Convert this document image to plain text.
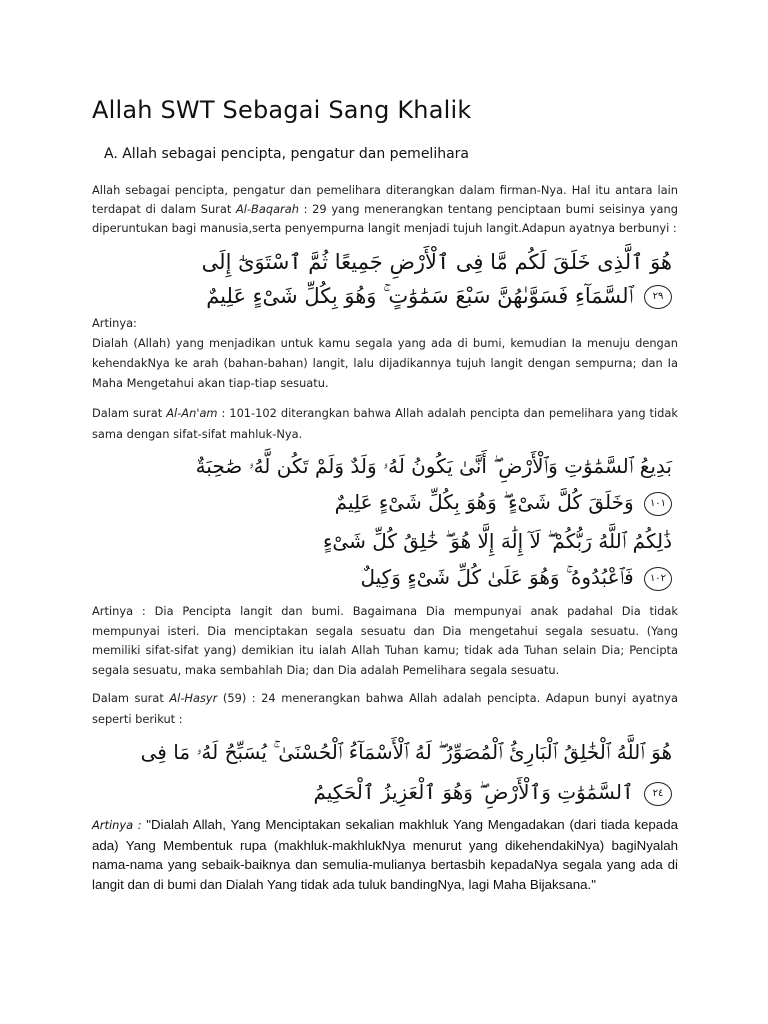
Allah SWT Sebagai Sang Khalik
A. Allah sebagai pencipta, pengatur dan pemelihara

Allah sebagai pencipta, pengatur dan pemelihara diterangkan dalam firman-Nya. Hal itu antara lain terdapat di dalam Surat Al-Baqarah : 29 yang menerangkan tentang penciptaan bumi seisinya yang diperuntukan bagi manusia,serta penyempurna langit menjadi tujuh langit.Adapun ayatnya berbunyi :

هُوَ ٱلَّذِى خَلَقَ لَكُم مَّا فِى ٱلْأَرْضِ جَمِيعًا ثُمَّ ٱسْتَوَىٰٓ إِلَى
٢٩ ٱلسَّمَآءِ فَسَوَّىٰهُنَّ سَبْعَ سَمَٰوَٰتٍ ۚ وَهُوَ بِكُلِّ شَىْءٍ عَلِيمٌ

Artinya:
Dialah (Allah) yang menjadikan untuk kamu segala yang ada di bumi, kemudian Ia menuju dengan kehendakNya ke arah (bahan-bahan) langit, lalu dijadikannya tujuh langit dengan sempurna; dan Ia Maha Mengetahui akan tiap-tiap sesuatu.

Dalam surat Al-An'am : 101-102 diterangkan bahwa Allah adalah pencipta dan pemelihara yang tidak sama dengan sifat-sifat mahluk-Nya.

بَدِيعُ ٱلسَّمَٰوَٰتِ وَٱلْأَرْضِ ۖ أَنَّىٰ يَكُونُ لَهُۥ وَلَدٌ وَلَمْ تَكُن لَّهُۥ صَٰحِبَةٌ
١٠١ وَخَلَقَ كُلَّ شَىْءٍ ۖ وَهُوَ بِكُلِّ شَىْءٍ عَلِيمٌ
ذَٰلِكُمُ ٱللَّهُ رَبُّكُمْ ۖ لَآ إِلَٰهَ إِلَّا هُوَ ۖ خَٰلِقُ كُلِّ شَىْءٍ
١٠٢ فَٱعْبُدُوهُ ۚ وَهُوَ عَلَىٰ كُلِّ شَىْءٍ وَكِيلٌ

Artinya : Dia Pencipta langit dan bumi. Bagaimana Dia mempunyai anak padahal Dia tidak mempunyai isteri. Dia menciptakan segala sesuatu dan Dia mengetahui segala sesuatu. (Yang memiliki sifat-sifat yang) demikian itu ialah Allah Tuhan kamu; tidak ada Tuhan selain Dia; Pencipta segala sesuatu, maka sembahlah Dia; dan Dia adalah Pemelihara segala sesuatu.

Dalam surat Al-Hasyr (59) : 24 menerangkan bahwa Allah adalah pencipta. Adapun bunyi ayatnya seperti berikut :

هُوَ ٱللَّهُ ٱلْخَٰلِقُ ٱلْبَارِئُ ٱلْمُصَوِّرُ ۖ لَهُ ٱلْأَسْمَآءُ ٱلْحُسْنَىٰ ۚ يُسَبِّحُ لَهُۥ مَا فِى
٢٤ ٱلسَّمَٰوَٰتِ وَٱلْأَرْضِ ۖ وَهُوَ ٱلْعَزِيزُ ٱلْحَكِيمُ

Artinya : "Dialah Allah, Yang Menciptakan sekalian makhluk Yang Mengadakan (dari tiada kepada ada) Yang Membentuk rupa (makhluk-makhlukNya menurut yang dikehendakiNya) bagiNyalah nama-nama yang sebaik-baiknya dan semulia-mulianya bertasbih kepadaNya segala yang ada di langit dan di bumi dan Dialah Yang tidak ada tuluk bandingNya, lagi Maha Bijaksana."
